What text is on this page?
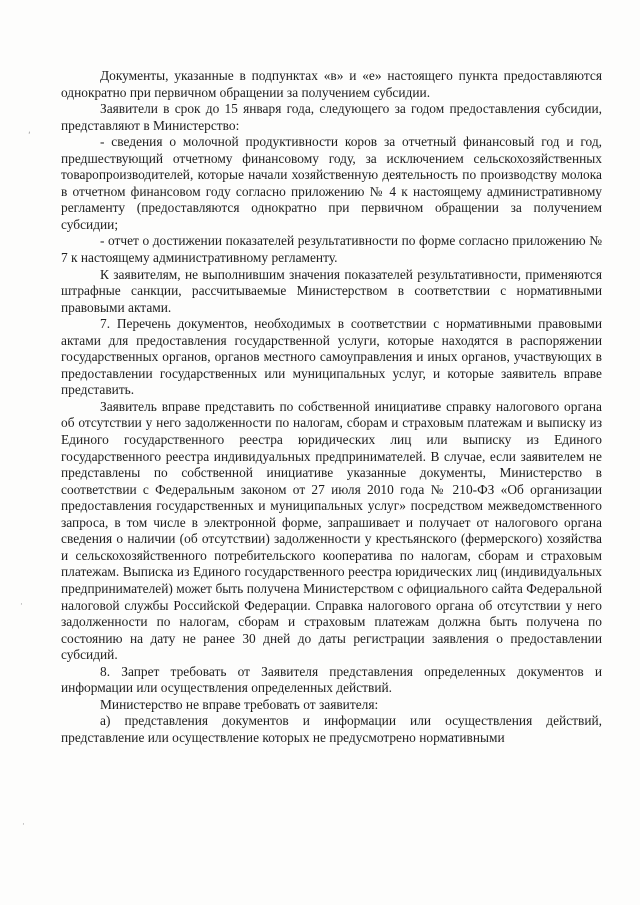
‘
·
·

Документы, указанные в подпунктах «в» и «е» настоящего пункта предоставляются однократно при первичном обращении за получением субсидии.

Заявители в срок до 15 января года, следующего за годом предоставления субсидии, представляют в Министерство:

- сведения о молочной продуктивности коров за отчетный финансовый год и год, предшествующий отчетному финансовому году, за исключением сельскохозяйственных товаропроизводителей, которые начали хозяйственную деятельность по производству молока в отчетном финансовом году согласно приложению № 4 к настоящему административному регламенту (предоставляются однократно при первичном обращении за получением субсидии;

- отчет о достижении показателей результативности по форме согласно приложению № 7 к настоящему административному регламенту.

К заявителям, не выполнившим значения показателей результативности, применяются штрафные санкции, рассчитываемые Министерством в соответствии с нормативными правовыми актами.

7. Перечень документов, необходимых в соответствии с нормативными правовыми актами для предоставления государственной услуги, которые находятся в распоряжении государственных органов, органов местного самоуправления и иных органов, участвующих в предоставлении государственных или муниципальных услуг, и которые заявитель вправе представить.

Заявитель вправе представить по собственной инициативе справку налогового органа об отсутствии у него задолженности по налогам, сборам и страховым платежам и выписку из Единого государственного реестра юридических лиц или выписку из Единого государственного реестра индивидуальных предпринимателей. В случае, если заявителем не представлены по собственной инициативе указанные документы, Министерство в соответствии с Федеральным законом от 27 июля 2010 года № 210-ФЗ «Об организации предоставления государственных и муниципальных услуг» посредством межведомственного запроса, в том числе в электронной форме, запрашивает и получает от налогового органа сведения о наличии (об отсутствии) задолженности у крестьянского (фермерского) хозяйства и сельскохозяйственного потребительского кооператива по налогам, сборам и страховым платежам. Выписка из Единого государственного реестра юридических лиц (индивидуальных предпринимателей) может быть получена Министерством с официального сайта Федеральной налоговой службы Российской Федерации. Справка налогового органа об отсутствии у него задолженности по налогам, сборам и страховым платежам должна быть получена по состоянию на дату не ранее 30 дней до даты регистрации заявления о предоставлении субсидий.

8. Запрет требовать от Заявителя представления определенных документов и информации или осуществления определенных действий.

Министерство не вправе требовать от заявителя:

а) представления документов и информации или осуществления действий, представление или осуществление которых не предусмотрено нормативными
